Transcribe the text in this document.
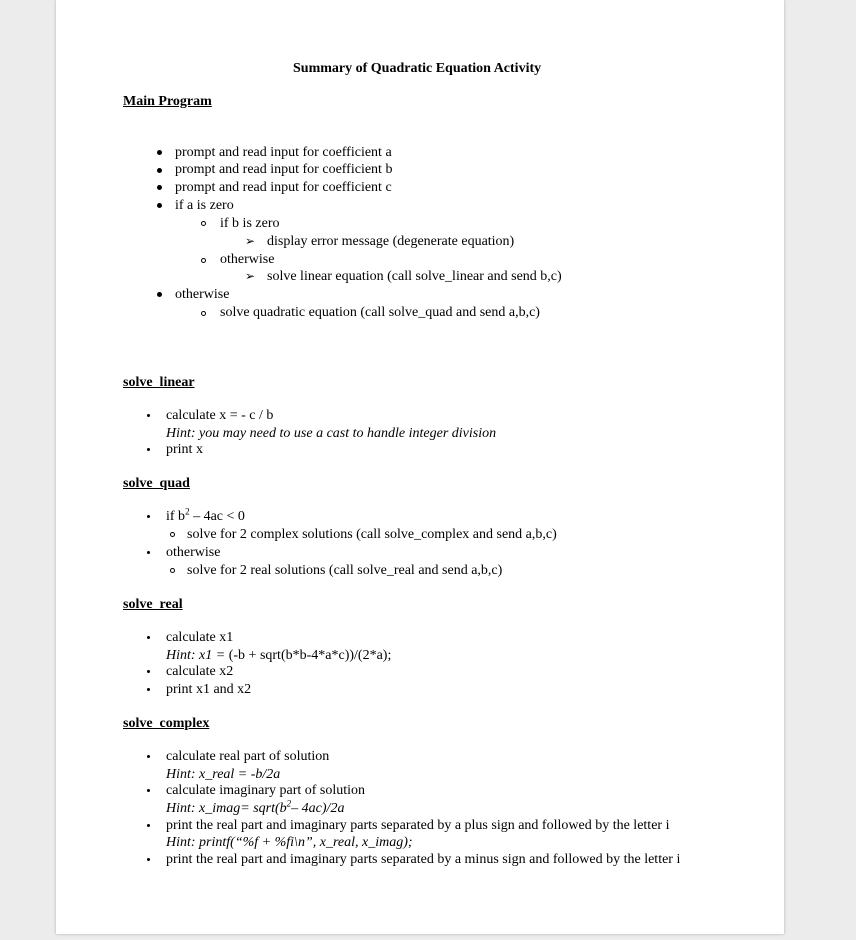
Summary of Quadratic Equation Activity
Main Program
prompt and read input for coefficient a
prompt and read input for coefficient b
prompt and read input for coefficient c
if a is zero
if b is zero
➢ display error message (degenerate equation)
otherwise
➢ solve linear equation (call solve_linear and send b,c)
otherwise
solve quadratic equation (call solve_quad and send a,b,c)
solve_linear
calculate x = - c / b
Hint: you may need to use a cast to handle integer division
print x
solve_quad
if $b^2 - 4ac < 0$
solve for 2 complex solutions (call solve_complex and send a,b,c)
otherwise
solve for 2 real solutions (call solve_real and send a,b,c)
solve_real
calculate x1
Hint: x1 = (-b + sqrt(b*b-4*a*c))/(2*a);
calculate x2
print x1 and x2
solve_complex
calculate real part of solution
Hint: x_real = -b/2a
calculate imaginary part of solution
Hint: x_imag= $sqrt(b^2-$ 4ac)/2a
print the real part and imaginary parts separated by a plus sign and followed by the letter i
Hint: printf(“%f + %fi\n”, x_real, x_imag);
print the real part and imaginary parts separated by a minus sign and followed by the letter i
